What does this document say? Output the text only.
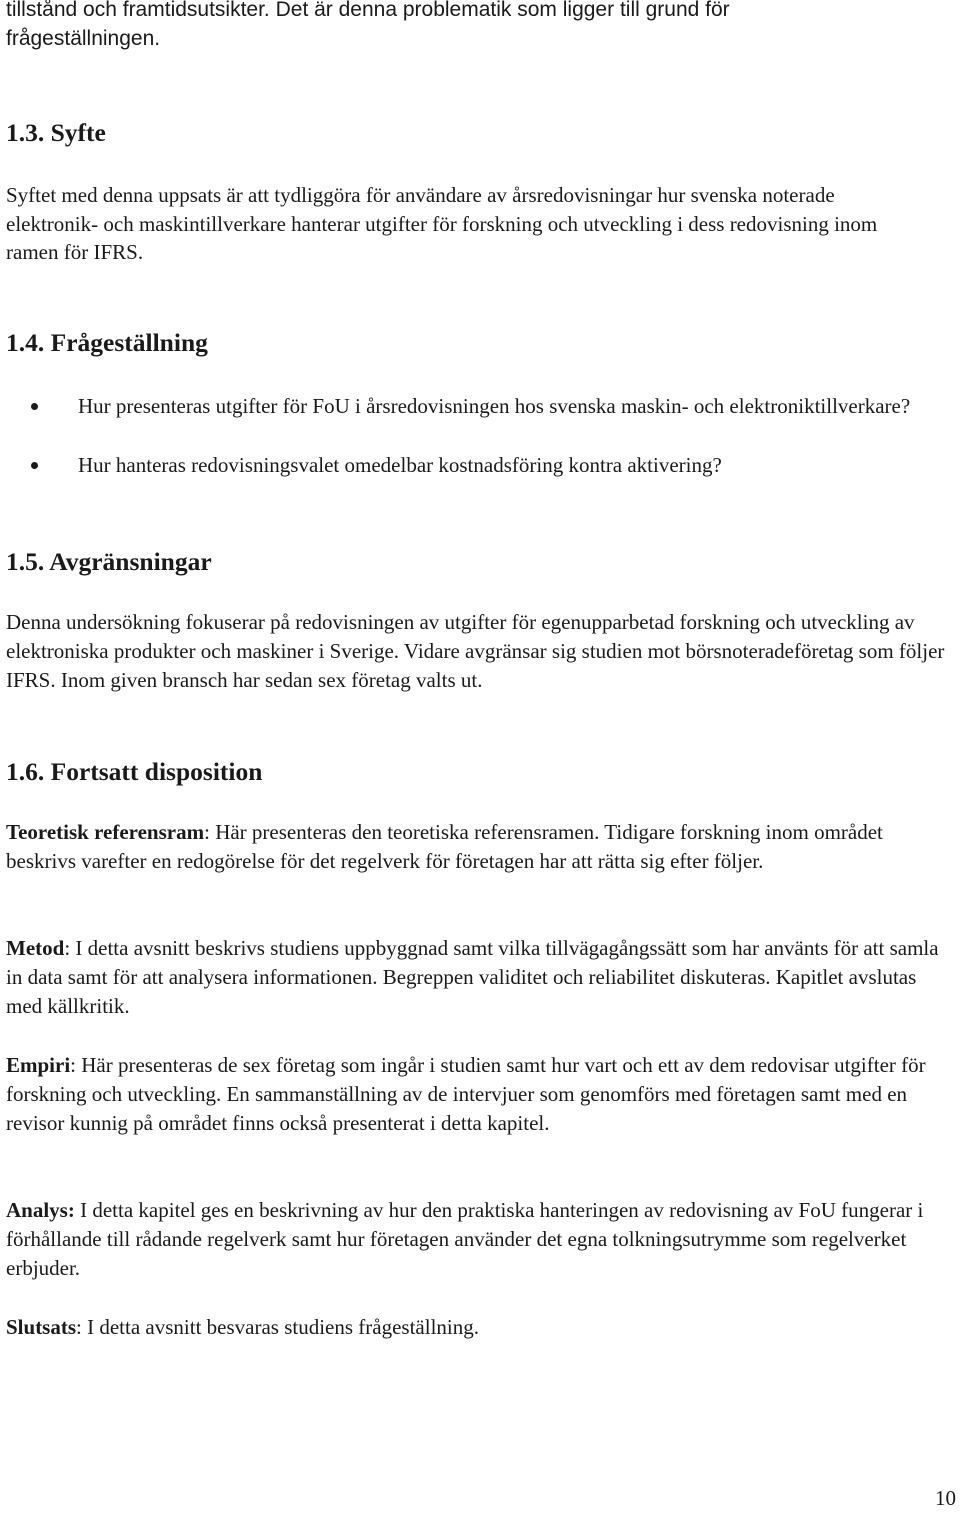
tillstånd och framtidsutsikter. Det är denna problematik som ligger till grund för
frågeställningen.
1.3. Syfte
Syftet med denna uppsats är att tydliggöra för användare av årsredovisningar hur svenska noterade elektronik- och maskintillverkare hanterar utgifter för forskning och utveckling i dess redovisning inom ramen för IFRS.
1.4. Frågeställning
Hur presenteras utgifter för FoU i årsredovisningen hos svenska maskin- och elektroniktillverkare?
Hur hanteras redovisningsvalet omedelbar kostnadsföring kontra aktivering?
1.5. Avgränsningar
Denna undersökning fokuserar på redovisningen av utgifter för egenupparbetad forskning och utveckling av elektroniska produkter och maskiner i Sverige. Vidare avgränsar sig studien mot börsnoteradeföretag som följer IFRS. Inom given bransch har sedan sex företag valts ut.
1.6. Fortsatt disposition
Teoretisk referensram: Här presenteras den teoretiska referensramen. Tidigare forskning inom området beskrivs varefter en redogörelse för det regelverk för företagen har att rätta sig efter följer.
Metod: I detta avsnitt beskrivs studiens uppbyggnad samt vilka tillvägagångssätt som har använts för att samla in data samt för att analysera informationen. Begreppen validitet och reliabilitet diskuteras. Kapitlet avslutas med källkritik.
Empiri: Här presenteras de sex företag som ingår i studien samt hur vart och ett av dem redovisar utgifter för forskning och utveckling. En sammanställning av de intervjuer som genomförs med företagen samt med en revisor kunnig på området finns också presenterat i detta kapitel.
Analys: I detta kapitel ges en beskrivning av hur den praktiska hanteringen av redovisning av FoU fungerar i förhållande till rådande regelverk samt hur företagen använder det egna tolkningsutrymme som regelverket erbjuder.
Slutsats: I detta avsnitt besvaras studiens frågeställning.
10
